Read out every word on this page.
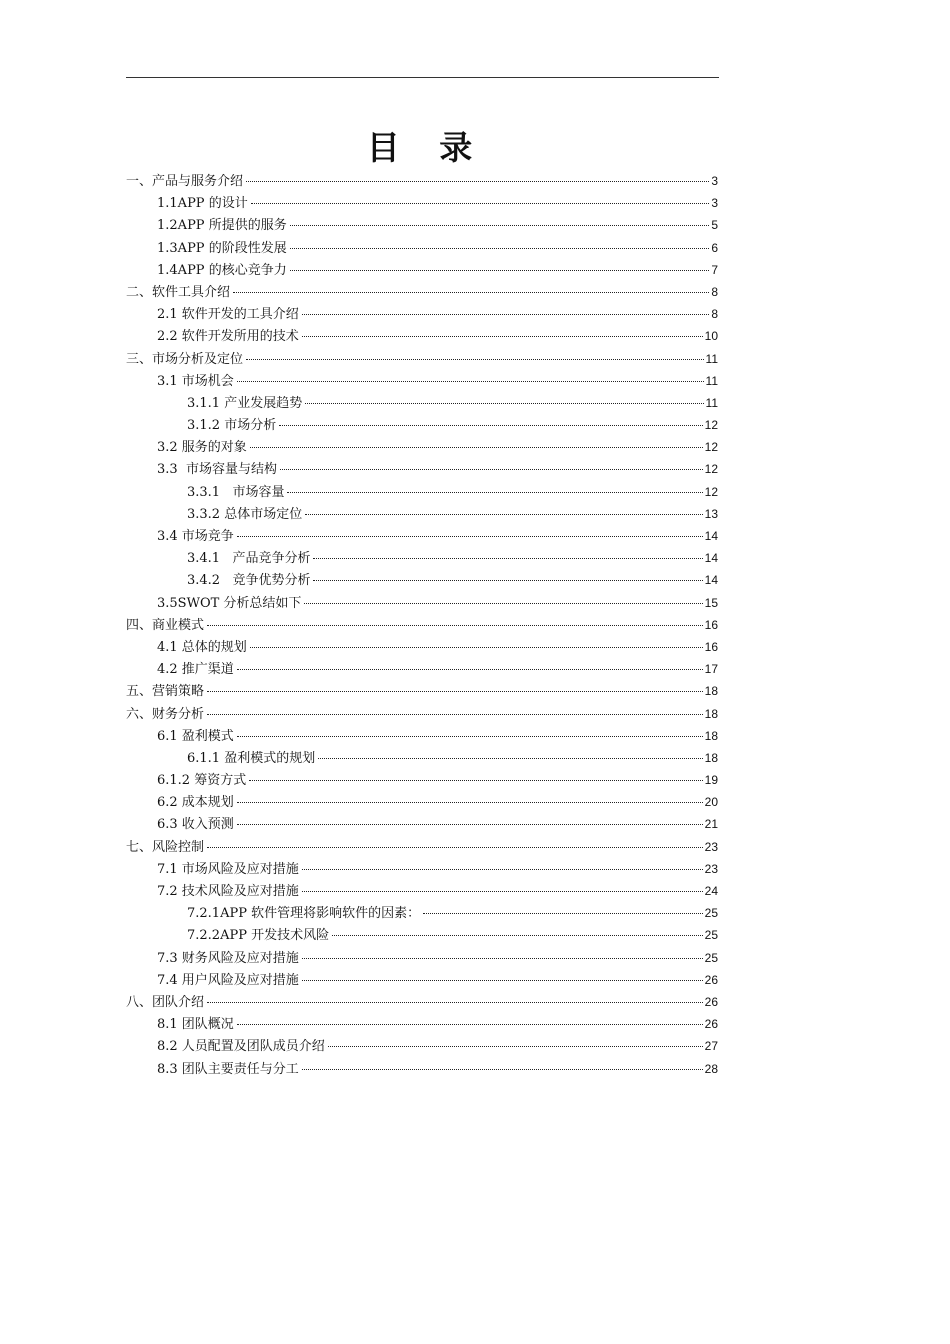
目 录
一、产品与服务介绍	3
1.1APP 的设计	3
1.2APP 所提供的服务	5
1.3APP 的阶段性发展	6
1.4APP 的核心竞争力	7
二、软件工具介绍	8
2.1 软件开发的工具介绍	8
2.2 软件开发所用的技术	10
三、市场分析及定位	11
3.1 市场机会	11
3.1.1 产业发展趋势	11
3.1.2 市场分析	12
3.2 服务的对象	12
3.3  市场容量与结构	12
3.3.1   市场容量	12
3.3.2 总体市场定位	13
3.4 市场竞争	14
3.4.1   产品竞争分析	14
3.4.2   竞争优势分析	14
3.5SWOT 分析总结如下	15
四、商业模式	16
4.1 总体的规划	16
4.2 推广渠道	17
五、营销策略	18
六、财务分析	18
6.1 盈利模式	18
6.1.1 盈利模式的规划	18
6.1.2 筹资方式	19
6.2 成本规划	20
6.3 收入预测	21
七、风险控制	23
7.1 市场风险及应对措施	23
7.2 技术风险及应对措施	24
7.2.1APP 软件管理将影响软件的因素：	25
7.2.2APP 开发技术风险	25
7.3 财务风险及应对措施	25
7.4 用户风险及应对措施	26
八、团队介绍	26
8.1 团队概况	26
8.2 人员配置及团队成员介绍	27
8.3 团队主要责任与分工	28
